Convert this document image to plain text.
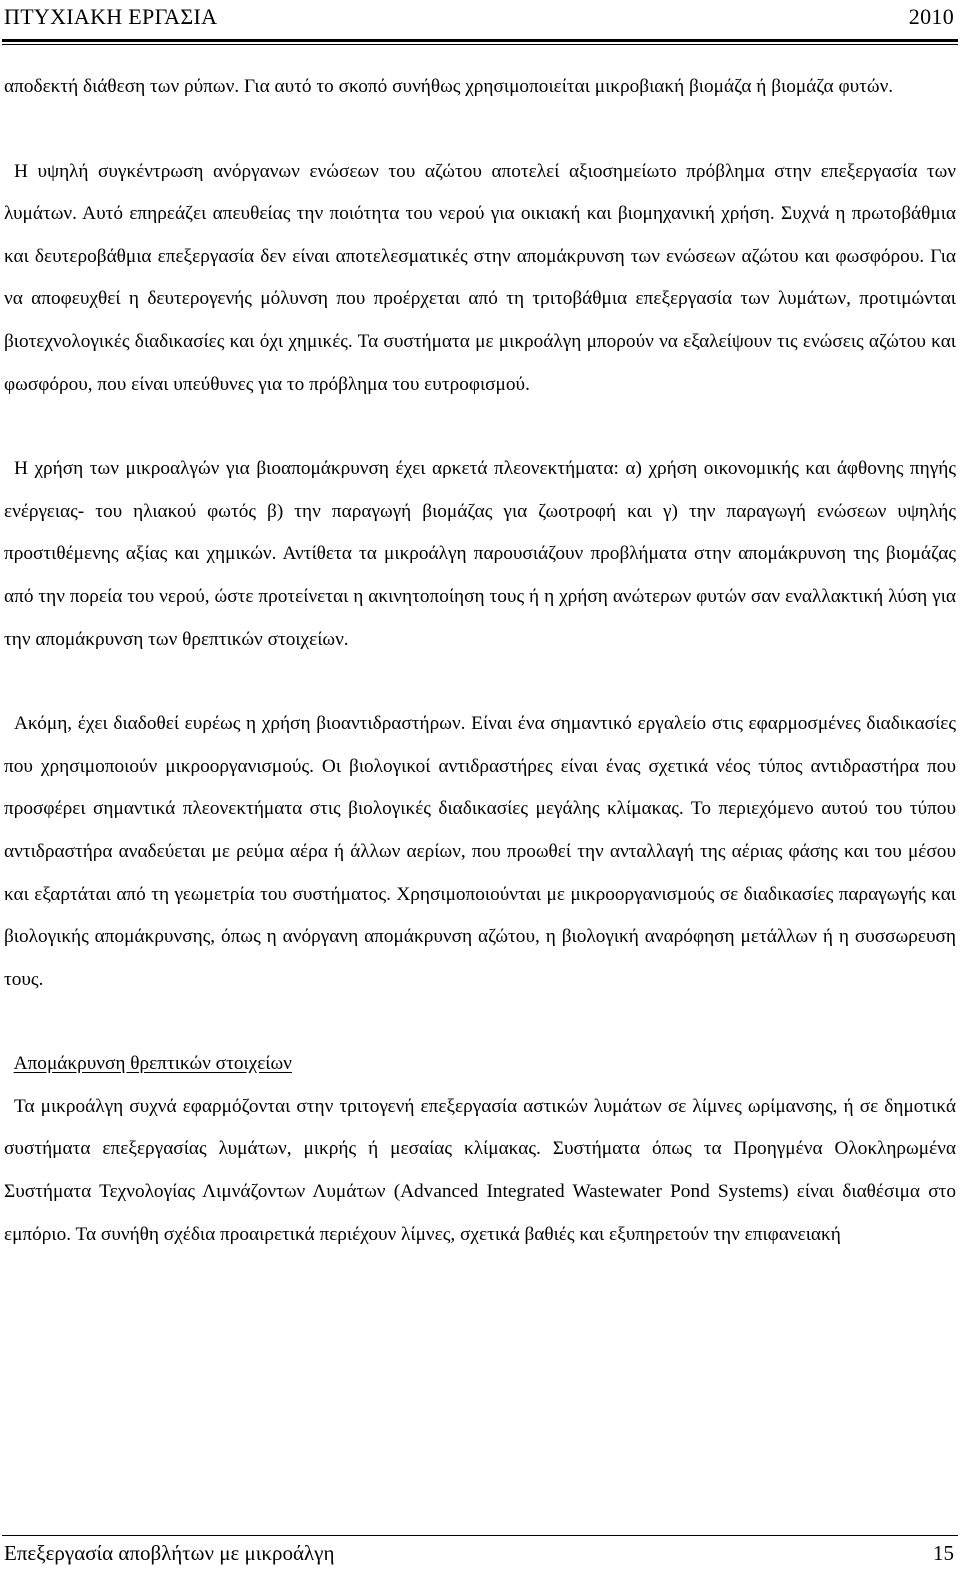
ΠΤΥΧΙΑΚΗ ΕΡΓΑΣΙΑ	2010

αποδεκτή διάθεση των ρύπων. Για αυτό το σκοπό συνήθως χρησιμοποιείται μικροβιακή βιομάζα ή βιομάζα φυτών.

Η υψηλή συγκέντρωση ανόργανων ενώσεων του αζώτου αποτελεί αξιοσημείωτο πρόβλημα στην επεξεργασία των λυμάτων. Αυτό επηρεάζει απευθείας την ποιότητα του νερού για οικιακή και βιομηχανική χρήση. Συχνά η πρωτοβάθμια και δευτεροβάθμια επεξεργασία δεν είναι αποτελεσματικές στην απομάκρυνση των ενώσεων αζώτου και φωσφόρου. Για να αποφευχθεί η δευτερογενής μόλυνση που προέρχεται από τη τριτοβάθμια επεξεργασία των λυμάτων, προτιμώνται βιοτεχνολογικές διαδικασίες και όχι χημικές. Τα συστήματα με μικροάλγη μπορούν να εξαλείψουν τις ενώσεις αζώτου και φωσφόρου, που είναι υπεύθυνες για το πρόβλημα του ευτροφισμού.

Η χρήση των μικροαλγών για βιοαπομάκρυνση έχει αρκετά πλεονεκτήματα: α) χρήση οικονομικής και άφθονης πηγής ενέργειας- του ηλιακού φωτός β) την παραγωγή βιομάζας για ζωοτροφή και γ) την παραγωγή ενώσεων υψηλής προστιθέμενης αξίας και χημικών. Αντίθετα τα μικροάλγη παρουσιάζουν προβλήματα στην απομάκρυνση της βιομάζας από την πορεία του νερού, ώστε προτείνεται η ακινητοποίηση τους ή η χρήση ανώτερων φυτών σαν εναλλακτική λύση για την απομάκρυνση των θρεπτικών στοιχείων.

Ακόμη, έχει διαδοθεί ευρέως η χρήση βιοαντιδραστήρων. Είναι ένα σημαντικό εργαλείο στις εφαρμοσμένες διαδικασίες που χρησιμοποιούν μικροοργανισμούς. Οι βιολογικοί αντιδραστήρες είναι ένας σχετικά νέος τύπος αντιδραστήρα που προσφέρει σημαντικά πλεονεκτήματα στις βιολογικές διαδικασίες μεγάλης κλίμακας. Το περιεχόμενο αυτού του τύπου αντιδραστήρα αναδεύεται με ρεύμα αέρα ή άλλων αερίων, που προωθεί την ανταλλαγή της αέριας φάσης και του μέσου και εξαρτάται από τη γεωμετρία του συστήματος. Χρησιμοποιούνται με μικροοργανισμούς σε διαδικασίες παραγωγής και βιολογικής απομάκρυνσης, όπως η ανόργανη απομάκρυνση αζώτου, η βιολογική αναρόφηση μετάλλων ή η συσσωρευση τους.

Απομάκρυνση θρεπτικών στοιχείων

Τα μικροάλγη συχνά εφαρμόζονται στην τριτογενή επεξεργασία αστικών λυμάτων σε λίμνες ωρίμανσης, ή σε δημοτικά συστήματα επεξεργασίας λυμάτων, μικρής ή μεσαίας κλίμακας. Συστήματα όπως τα Προηγμένα Ολοκληρωμένα Συστήματα Τεχνολογίας Λιμνάζοντων Λυμάτων (Advanced Integrated Wastewater Pond Systems) είναι διαθέσιμα στο εμπόριο. Τα συνήθη σχέδια προαιρετικά περιέχουν λίμνες, σχετικά βαθιές και εξυπηρετούν την επιφανειακή

Επεξεργασία αποβλήτων με μικροάλγη	15
